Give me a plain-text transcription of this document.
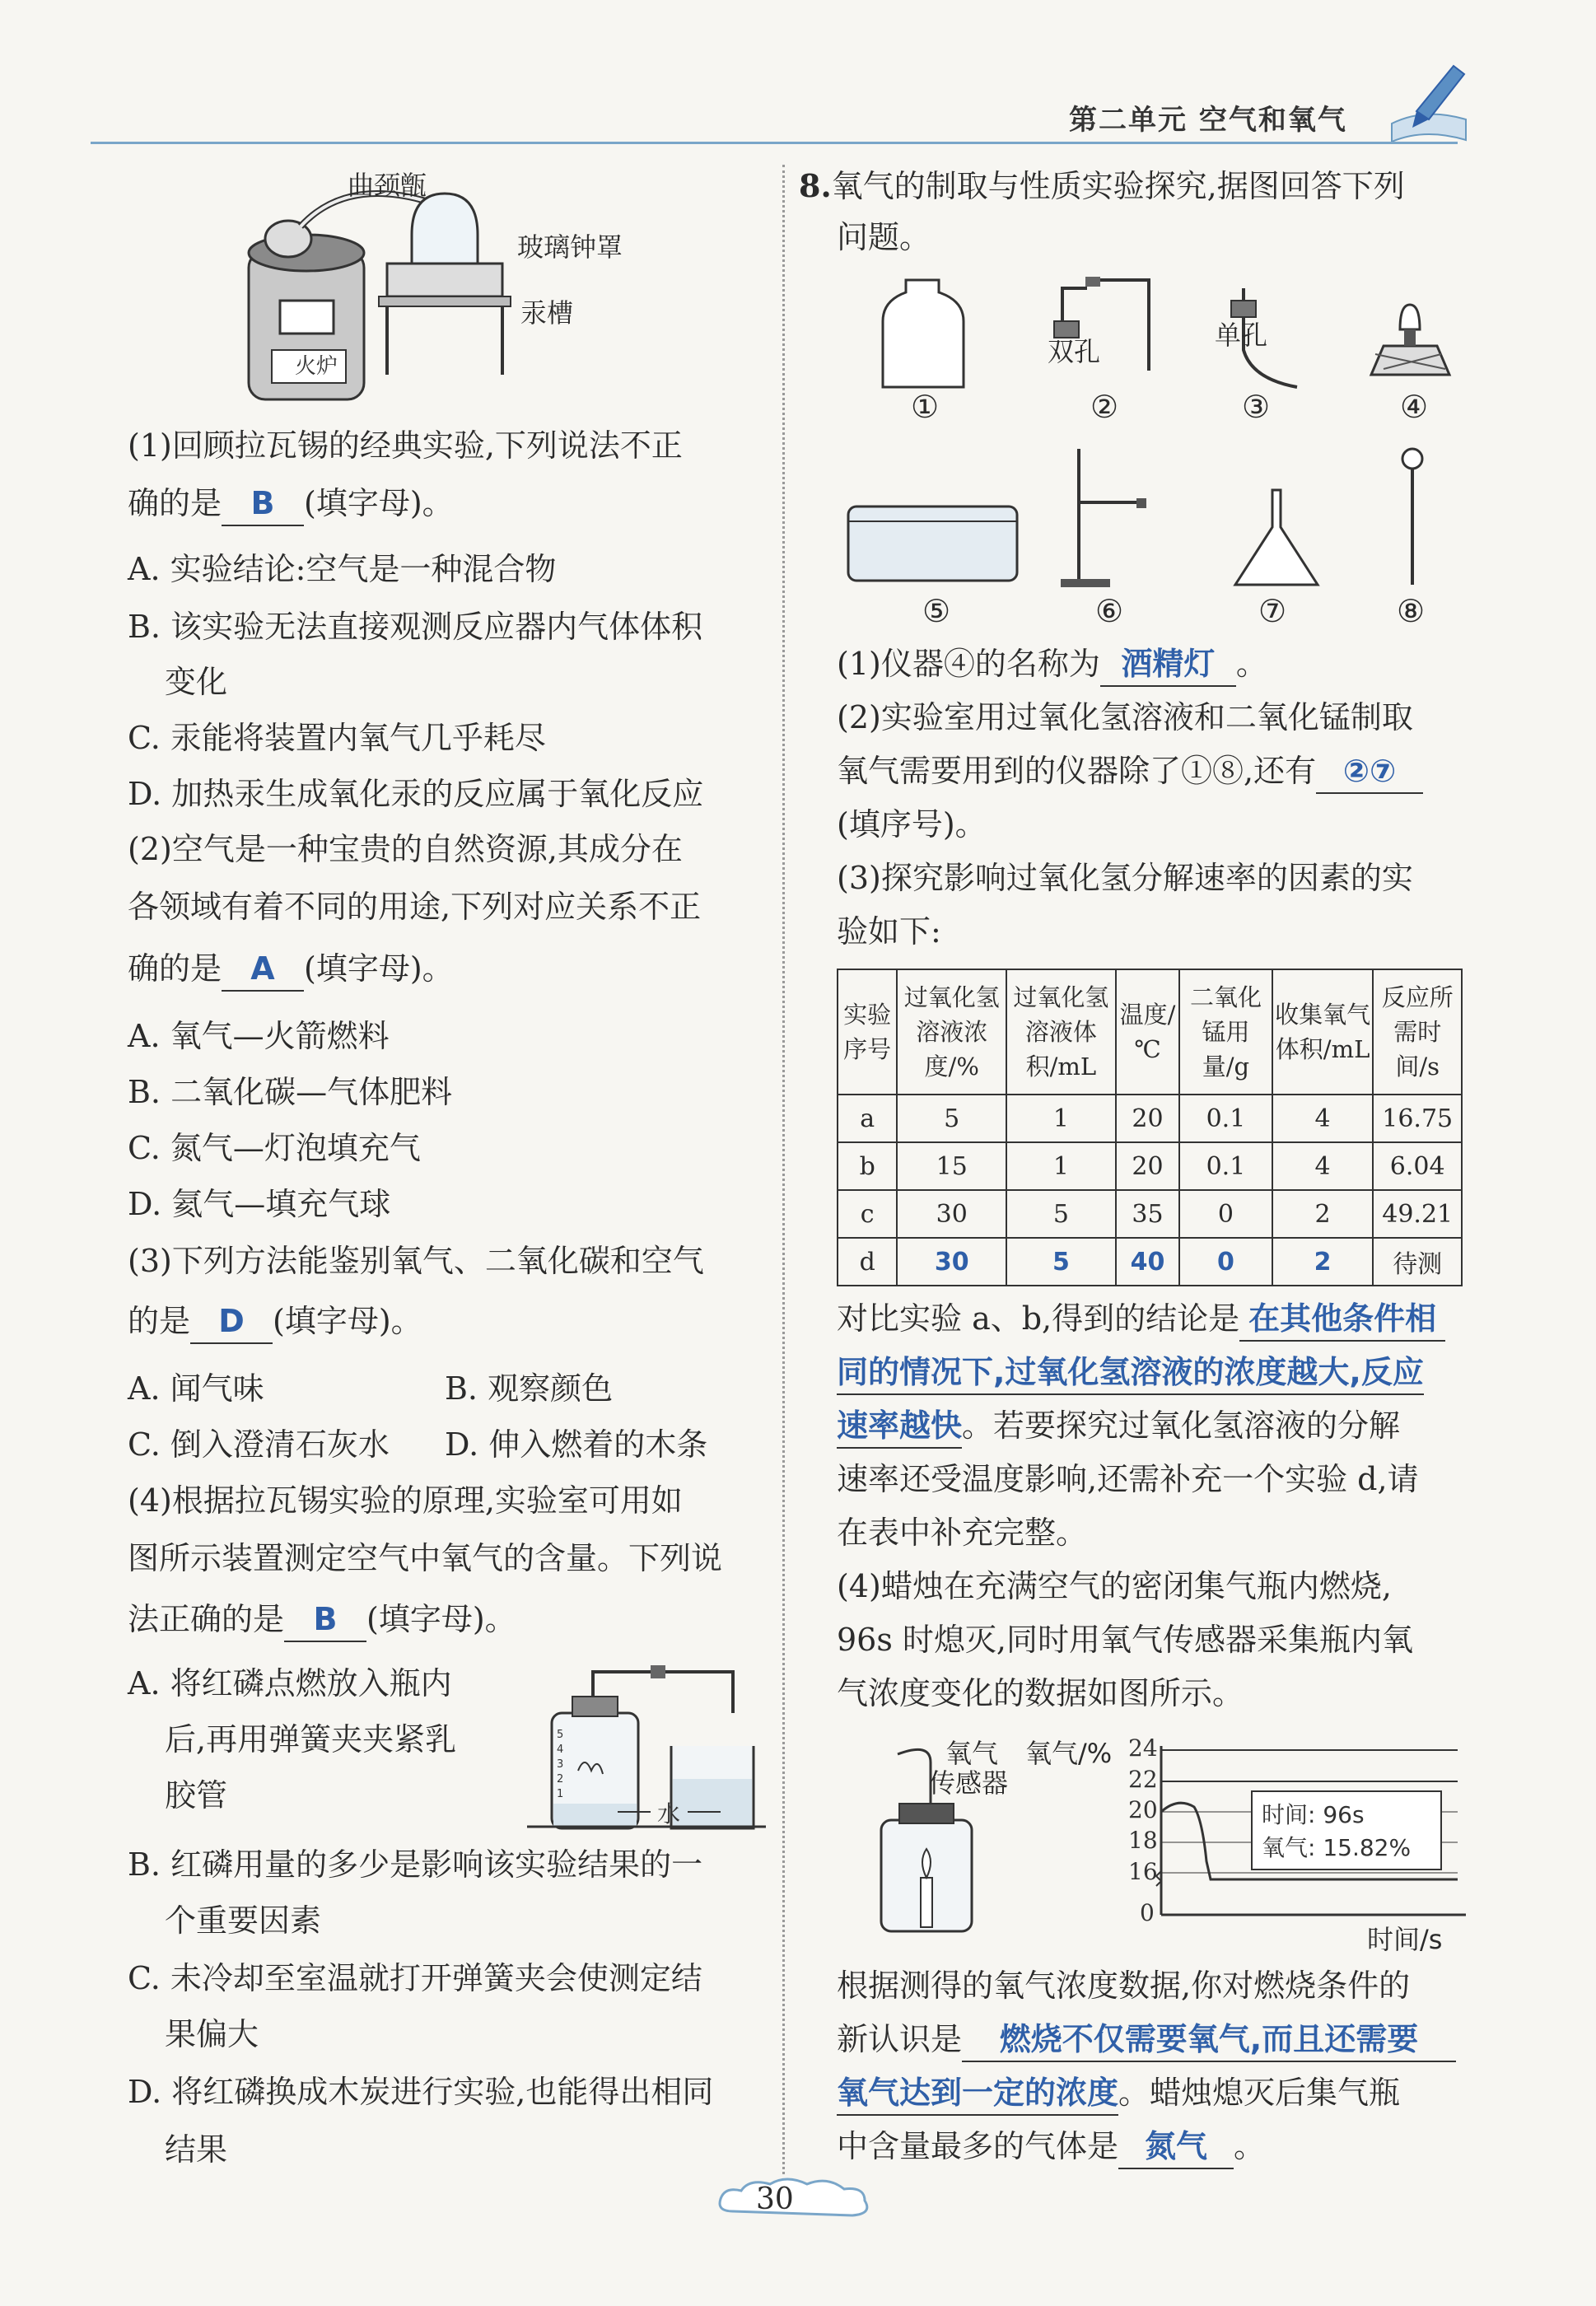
第二单元 空气和氧气
火炉
曲颈甑
玻璃钟罩
汞槽
(1)回顾拉瓦锡的经典实验,下列说法不正
确的是 B (填字母)。
A. 实验结论:空气是一种混合物
B. 该实验无法直接观测反应器内气体体积
变化
C. 汞能将装置内氧气几乎耗尽
D. 加热汞生成氧化汞的反应属于氧化反应
(2)空气是一种宝贵的自然资源,其成分在
各领域有着不同的用途,下列对应关系不正
确的是 A (填字母)。
A. 氧气—火箭燃料
B. 二氧化碳—气体肥料
C. 氮气—灯泡填充气
D. 氦气—填充气球
(3)下列方法能鉴别氧气、二氧化碳和空气
的是 D (填字母)。
A. 闻气味	B. 观察颜色
C. 倒入澄清石灰水 D. 伸入燃着的木条
(4)根据拉瓦锡实验的原理,实验室可用如
图所示装置测定空气中氧气的含量。下列说
法正确的是 B (填字母)。
A. 将红磷点燃放入瓶内
后,再用弹簧夹夹紧乳
胶管
5
4
3
2
1
水
B. 红磷用量的多少是影响该实验结果的一
个重要因素
C. 未冷却至室温就打开弹簧夹会使测定结
果偏大
D. 将红磷换成木炭进行实验,也能得出相同
结果
8.氧气的制取与性质实验探究,据图回答下列
问题。
双孔
单孔
①	②	③	④
⑤	⑥	⑦	⑧
(1)仪器④的名称为 酒精灯 。
(2)实验室用过氧化氢溶液和二氧化锰制取
氧气需要用到的仪器除了①⑧,还有 ②⑦
(填序号)。
(3)探究影响过氧化氢分解速率的因素的实
验如下:
实验序号	过氧化氢溶液浓度/%	过氧化氢溶液体积/mL	温度/℃	二氧化锰用量/g	收集氧气体积/mL	反应所需时间/s
a	5	1	20	0.1	4	16.75
b	15	1	20	0.1	4	6.04
c	30	5	35	0	2	49.21
d	30	5	40	0	2	待测
对比实验 a、b,得到的结论是 在其他条件相
同的情况下,过氧化氢溶液的浓度越大,反应
速率越快。若要探究过氧化氢溶液的分解
速率还受温度影响,还需补充一个实验 d,请
在表中补充完整。
(4)蜡烛在充满空气的密闭集气瓶内燃烧,
96s 时熄灭,同时用氧气传感器采集瓶内氧
气浓度变化的数据如图所示。
氧气
传感器
氧气/% 24
22
20
18
16
0
时间: 96s
氧气: 15.82%
时间/s
根据测得的氧气浓度数据,你对燃烧条件的
新认识是 燃烧不仅需要氧气,而且还需要
氧气达到一定的浓度。蜡烛熄灭后集气瓶
中含量最多的气体是 氮气 。
30
